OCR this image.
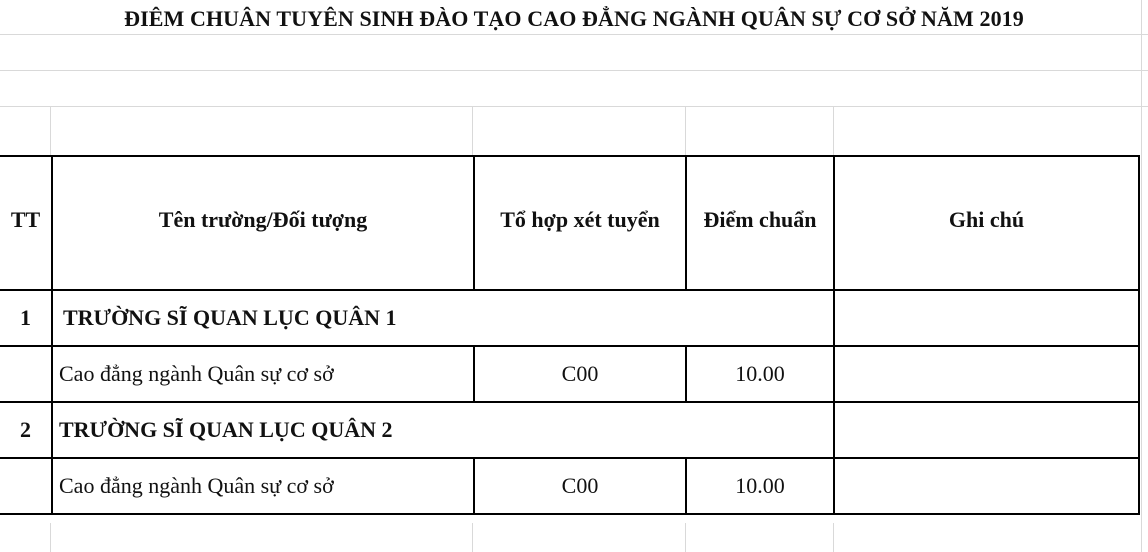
ĐIÊM CHUÂN TUYÊN SINH ĐÀO TẠO CAO ĐẲNG NGÀNH QUÂN SỰ CƠ SỞ NĂM 2019
TT	Tên trường/Đối tượng	Tổ hợp xét tuyển	Điểm chuẩn	Ghi chú
1	TRƯỜNG SĨ QUAN LỤC QUÂN 1			
	Cao đẳng ngành Quân sự cơ sở	C00	10.00	
2	TRƯỜNG SĨ QUAN LỤC QUÂN 2			
	Cao đẳng ngành Quân sự cơ sở	C00	10.00	
